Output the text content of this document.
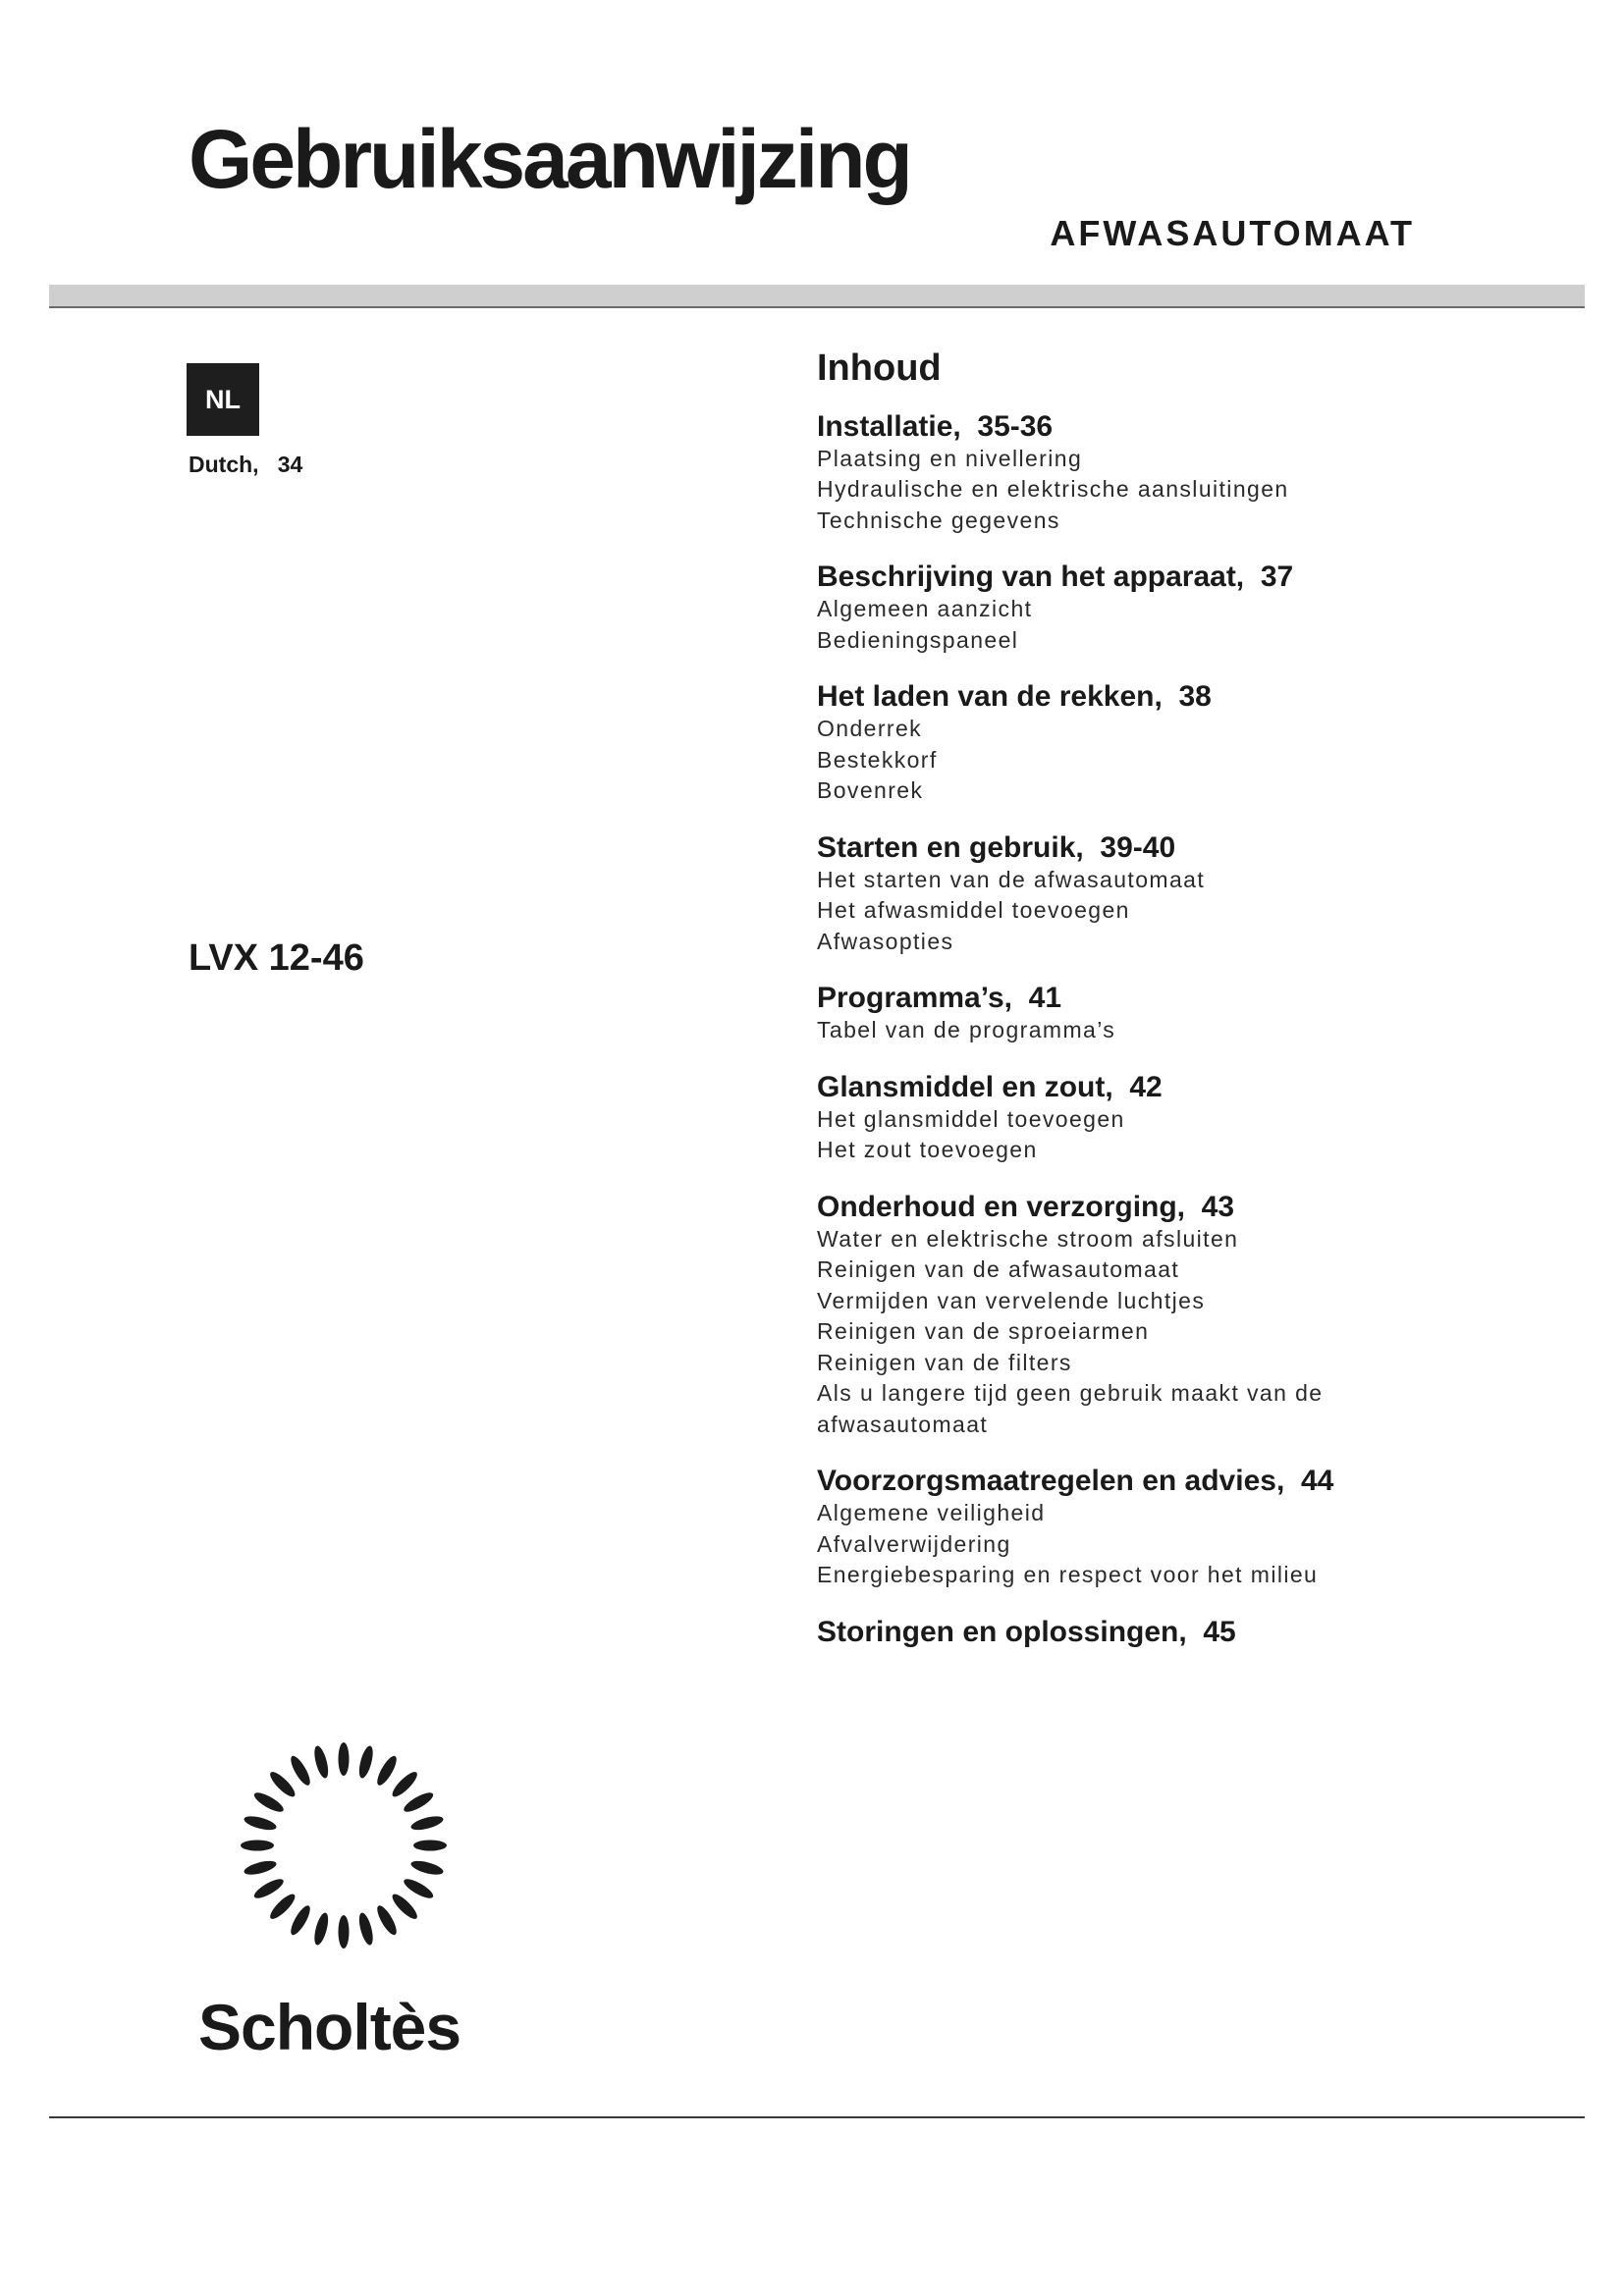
Gebruiksaanwijzing
AFWASAUTOMAAT
NL
Dutch,   34
LVX 12-46
Inhoud
Installatie,  35-36
Plaatsing en nivellering
Hydraulische en elektrische aansluitingen
Technische gegevens
Beschrijving van het apparaat,  37
Algemeen aanzicht
Bedieningspaneel
Het laden van de rekken,  38
Onderrek
Bestekkorf
Bovenrek
Starten en gebruik,  39-40
Het starten van de afwasautomaat
Het afwasmiddel toevoegen
Afwasopties
Programma’s,  41
Tabel van de programma’s
Glansmiddel en zout,  42
Het glansmiddel toevoegen
Het zout toevoegen
Onderhoud en verzorging,  43
Water en elektrische stroom afsluiten
Reinigen van de afwasautomaat
Vermijden van vervelende luchtjes
Reinigen van de sproeiarmen
Reinigen van de filters
Als u langere tijd geen gebruik maakt van de
afwasautomaat
Voorzorgsmaatregelen en advies,  44
Algemene veiligheid
Afvalverwijdering
Energiebesparing en respect voor het milieu
Storingen en oplossingen,  45
Scholtès
